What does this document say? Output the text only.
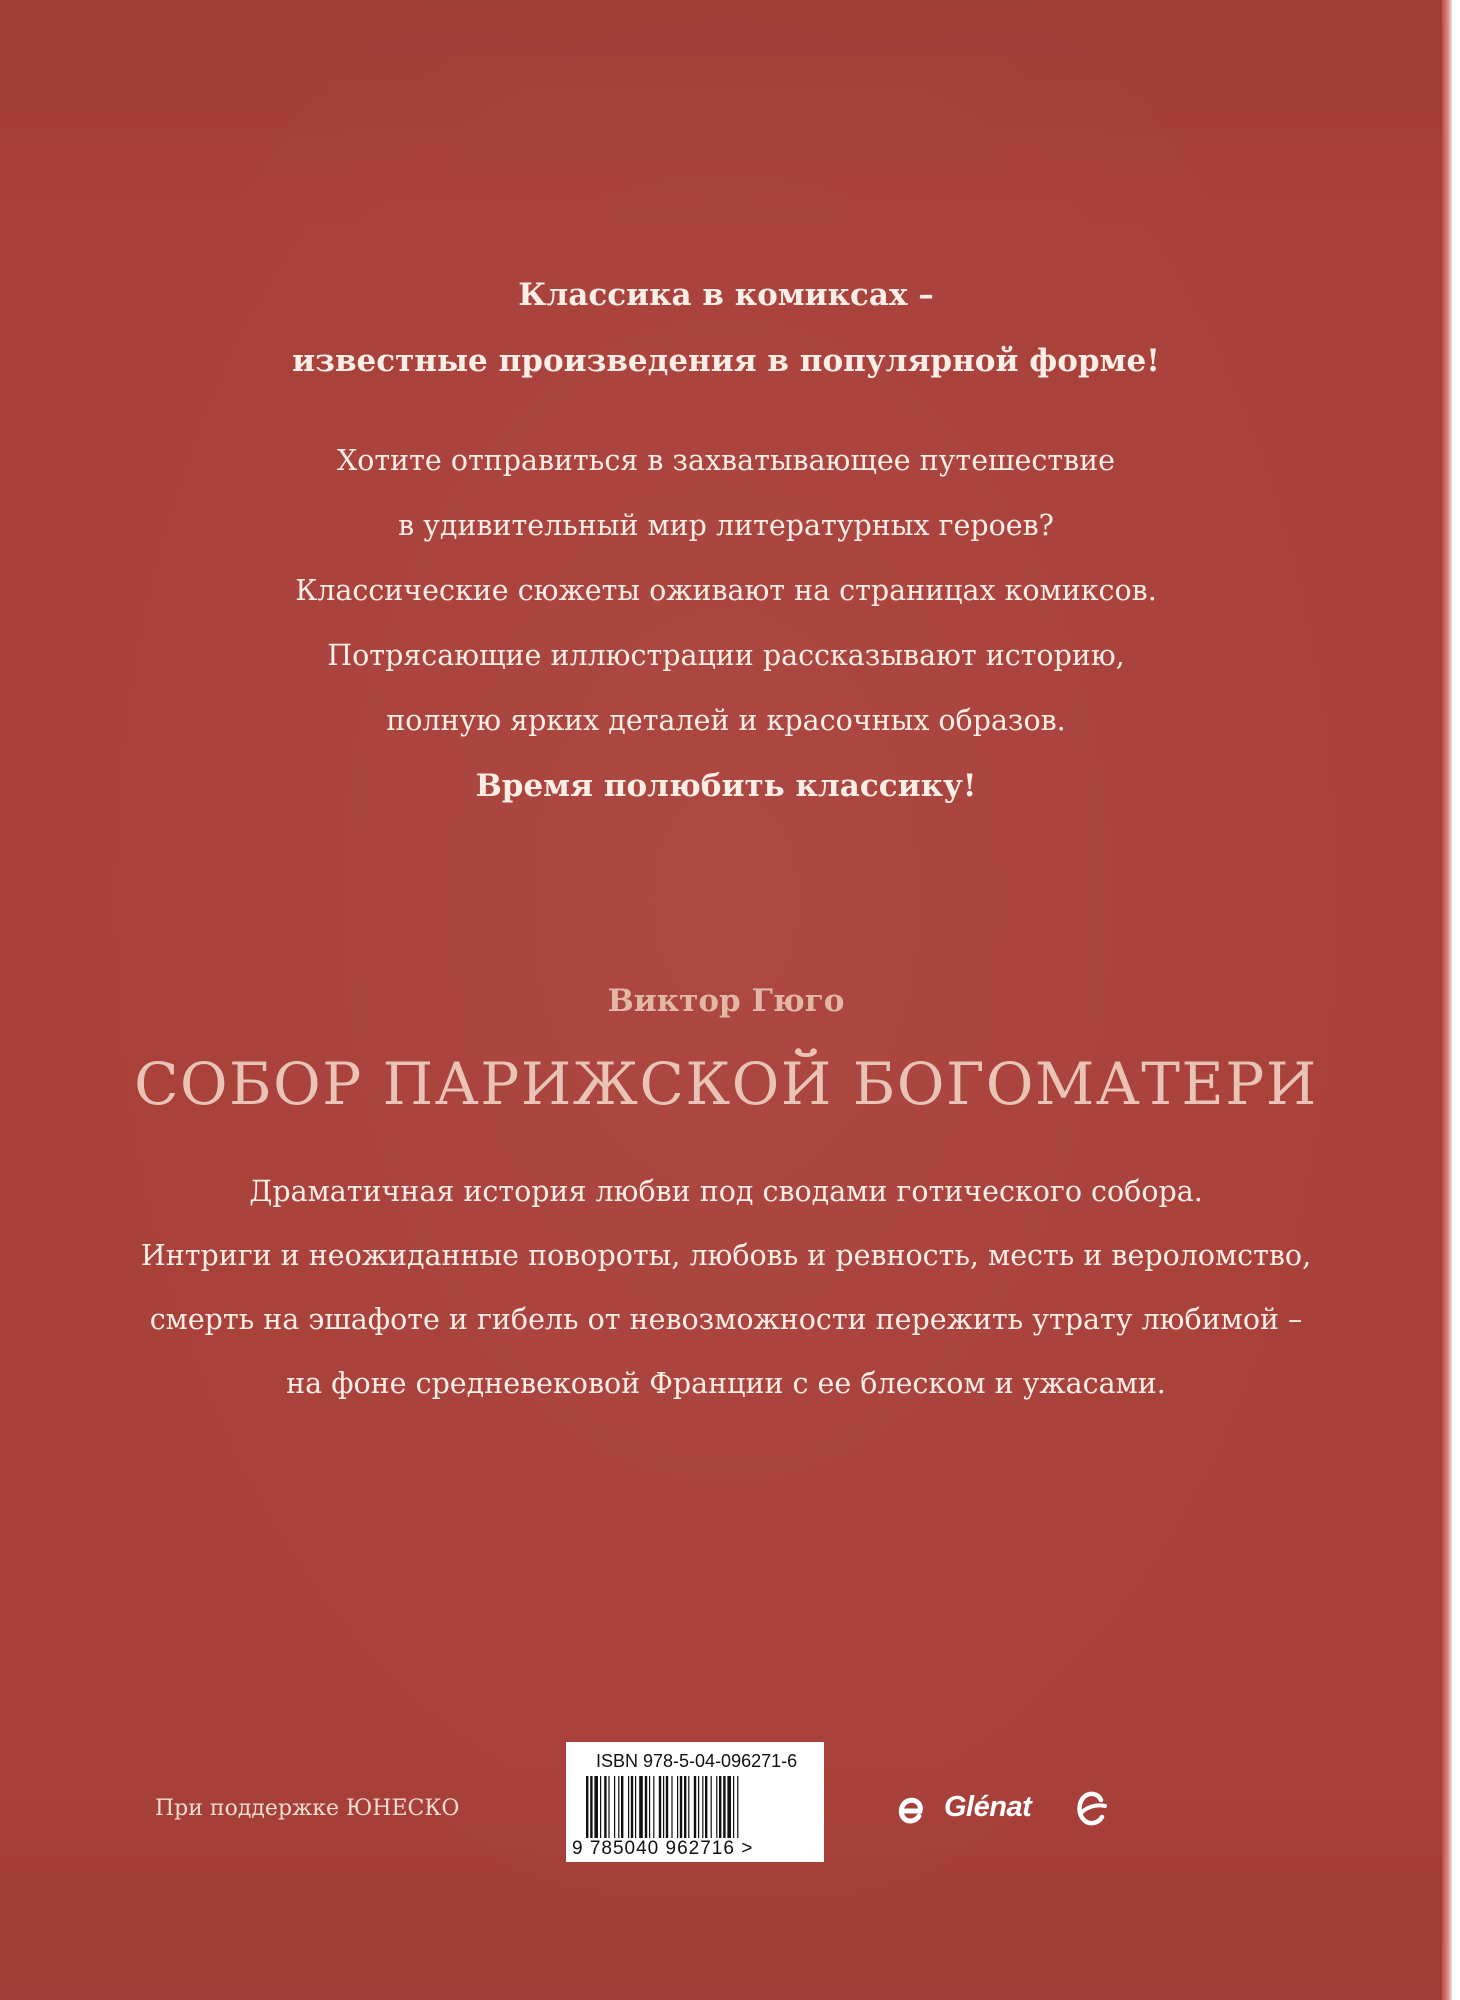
Классика в комиксах –
известные произведения в популярной форме!
Хотите отправиться в захватывающее путешествие
в удивительный мир литературных героев?
Классические сюжеты оживают на страницах комиксов.
Потрясающие иллюстрации рассказывают историю,
полную ярких деталей и красочных образов.
Время полюбить классику!
Виктор Гюго
СОБОР ПАРИЖСКОЙ БОГОМАТЕРИ
Драматичная история любви под сводами готического собора.
Интриги и неожиданные повороты, любовь и ревность, месть и вероломство,
смерть на эшафоте и гибель от невозможности пережить утрату любимой –
на фоне средневековой Франции с ее блеском и ужасами.
При поддержке ЮНЕСКО
ISBN 978-5-04-096271-6
9 785040 962716 >
Glénat
